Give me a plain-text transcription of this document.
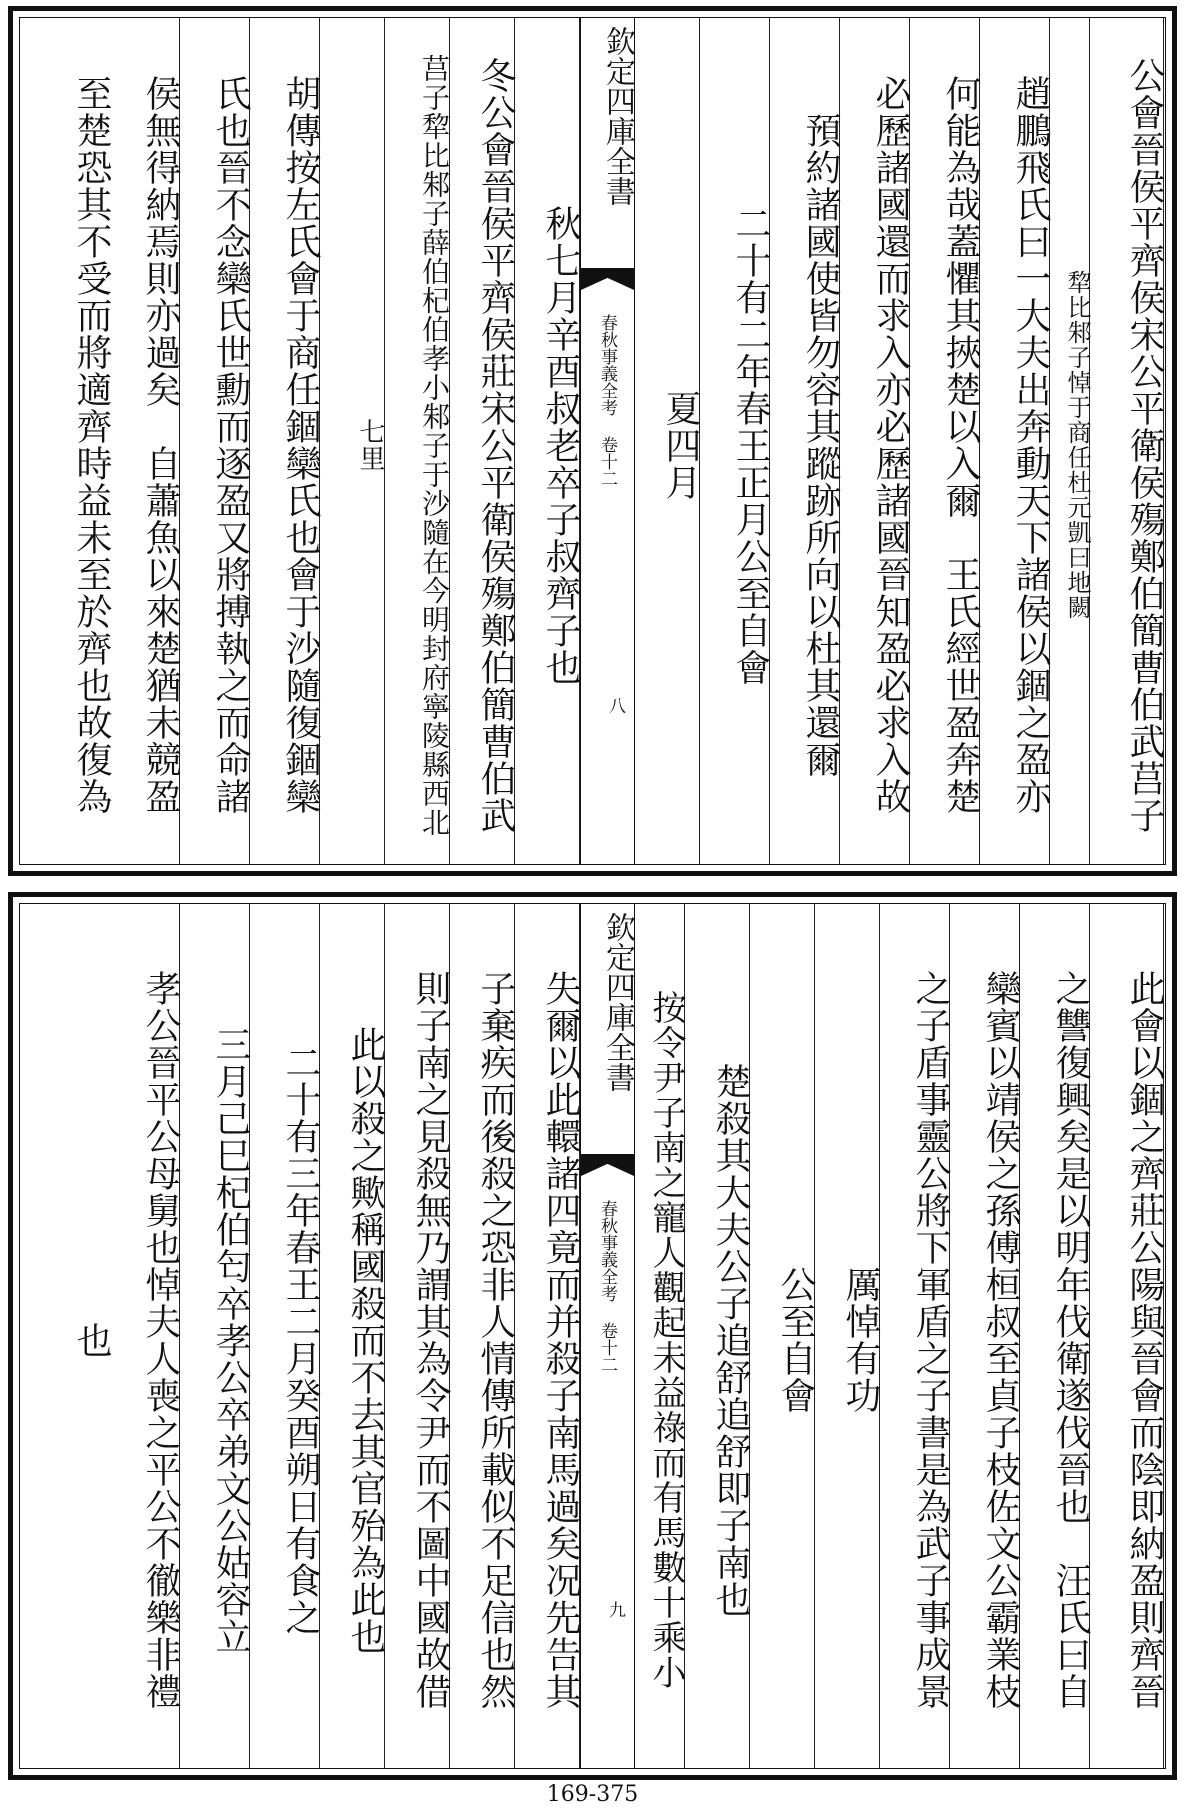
公會晉侯平齊侯宋公平衛侯殤鄭伯簡曹伯武莒子
犂比邾子悼于商任杜元凱曰地闕
趙鵬飛氏曰一大夫出奔動天下諸侯以錮之盈亦
何能為哉蓋懼其挾楚以入爾　王氏經世盈奔楚
必歷諸國還而求入亦必歷諸國晉知盈必求入故
預約諸國使皆勿容其蹤跡所向以杜其還爾
二十有二年春王正月公至自會
夏四月
欽定四庫全書
春秋事義全考 卷十二
八
秋七月辛酉叔老卒子叔齊子也
冬公會晉侯平齊侯莊宋公平衛侯殤鄭伯簡曹伯武
莒子犂比邾子薛伯杞伯孝小邾子于沙隨在今明封府寧陵縣西北
七里
胡傳按左氏會于商任錮欒氏也會于沙隨復錮欒
氏也晉不念欒氏世勳而逐盈又將搏執之而命諸
侯無得納焉則亦過矣　自蕭魚以來楚猶未競盈
至楚恐其不受而將適齊時益未至於齊也故復為
此會以錮之齊莊公陽與晉會而陰即納盈則齊晉
之讐復興矣是以明年伐衛遂伐晉也　汪氏曰自
欒賓以靖侯之孫傅桓叔至貞子枝佐文公霸業枝
之子盾事靈公將下軍盾之子書是為武子事成景
厲悼有功
公至自會
楚殺其大夫公子追舒追舒即子南也
按令尹子南之寵人觀起未益祿而有馬數十乘小
欽定四庫全書
春秋事義全考 卷十二
九
失爾以此轘諸四竟而并殺子南馬過矣况先告其
子棄疾而後殺之恐非人情傳所載似不足信也然
則子南之見殺無乃謂其為令尹而不圖中國故借
此以殺之歟稱國殺而不去其官殆為此也
二十有三年春王二月癸酉朔日有食之
三月己巳杞伯匄卒孝公卒弟文公姑容立
孝公晉平公母舅也悼夫人喪之平公不徹樂非禮
也
169-375
